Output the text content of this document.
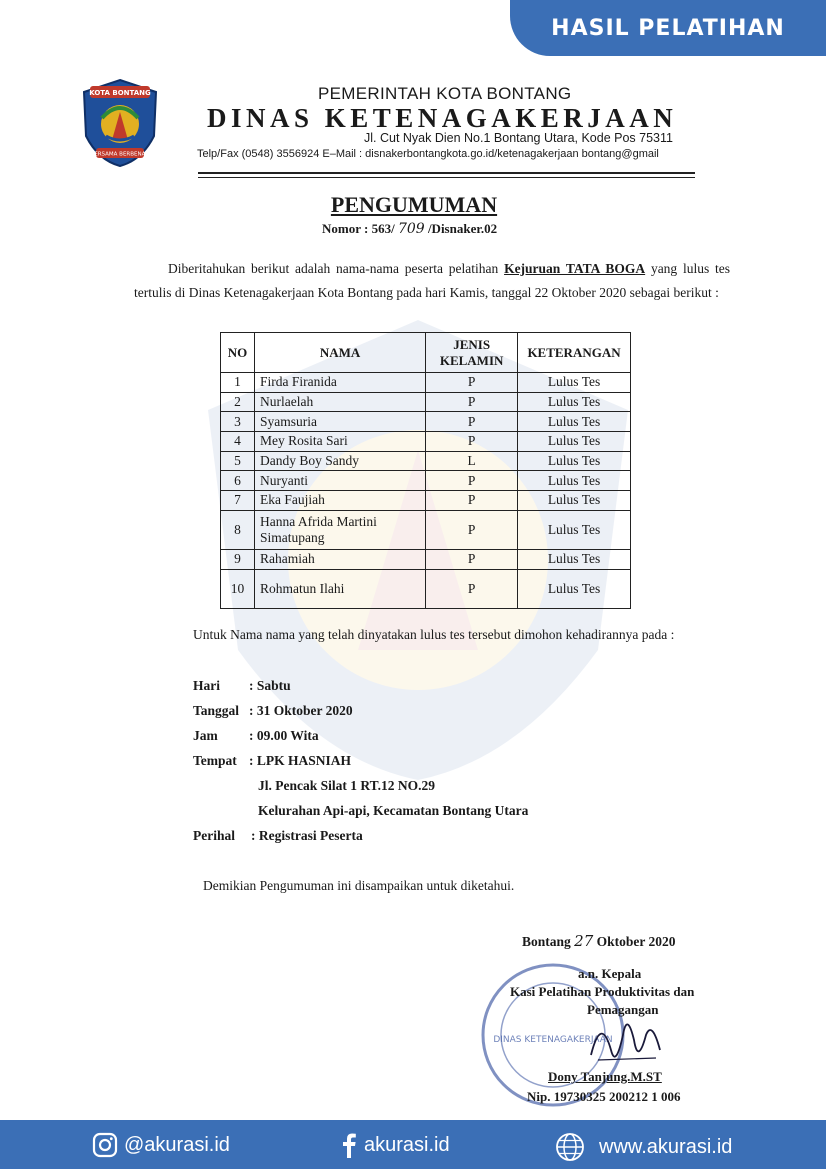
HASIL PELATIHAN
KOTA BONTANG
BERSAMA BERBENAH
PEMERINTAH KOTA BONTANG
DINAS KETENAGAKERJAAN
Jl. Cut Nyak Dien No.1 Bontang Utara, Kode Pos 75311
Telp/Fax (0548) 3556924 E–Mail : disnakerbontangkota.go.id/ketenagakerjaan bontang@gmail
PENGUMUMAN
Nomor : 563/ 709 /Disnaker.02
Diberitahukan berikut adalah nama-nama peserta pelatihan Kejuruan TATA BOGA yang lulus tes tertulis di Dinas Ketenagakerjaan Kota Bontang pada hari Kamis, tanggal 22 Oktober 2020 sebagai berikut :
NO	NAMA	JENIS KELAMIN	KETERANGAN
1	Firda Firanida	P	Lulus Tes
2	Nurlaelah	P	Lulus Tes
3	Syamsuria	P	Lulus Tes
4	Mey Rosita Sari	P	Lulus Tes
5	Dandy Boy Sandy	L	Lulus Tes
6	Nuryanti	P	Lulus Tes
7	Eka Faujiah	P	Lulus Tes
8	Hanna Afrida Martini Simatupang	P	Lulus Tes
9	Rahamiah	P	Lulus Tes
10	Rohmatun Ilahi	P	Lulus Tes
Untuk Nama nama yang telah dinyatakan lulus tes tersebut dimohon kehadirannya pada :
Hari : Sabtu
Tanggal : 31 Oktober 2020
Jam : 09.00 Wita
Tempat : LPK HASNIAH
Jl. Pencak Silat 1 RT.12 NO.29
Kelurahan Api-api, Kecamatan Bontang Utara
Perihal : Registrasi Peserta
Demikian Pengumuman ini disampaikan untuk diketahui.
Bontang 27 Oktober 2020
DINAS KETENAGAKERJAAN
a.n. Kepala
Kasi Pelatihan Produktivitas dan
Pemagangan
Dony Tanjung.M.ST
Nip. 19730325 200212 1 006
@akurasi.id	akurasi.id	www.akurasi.id
